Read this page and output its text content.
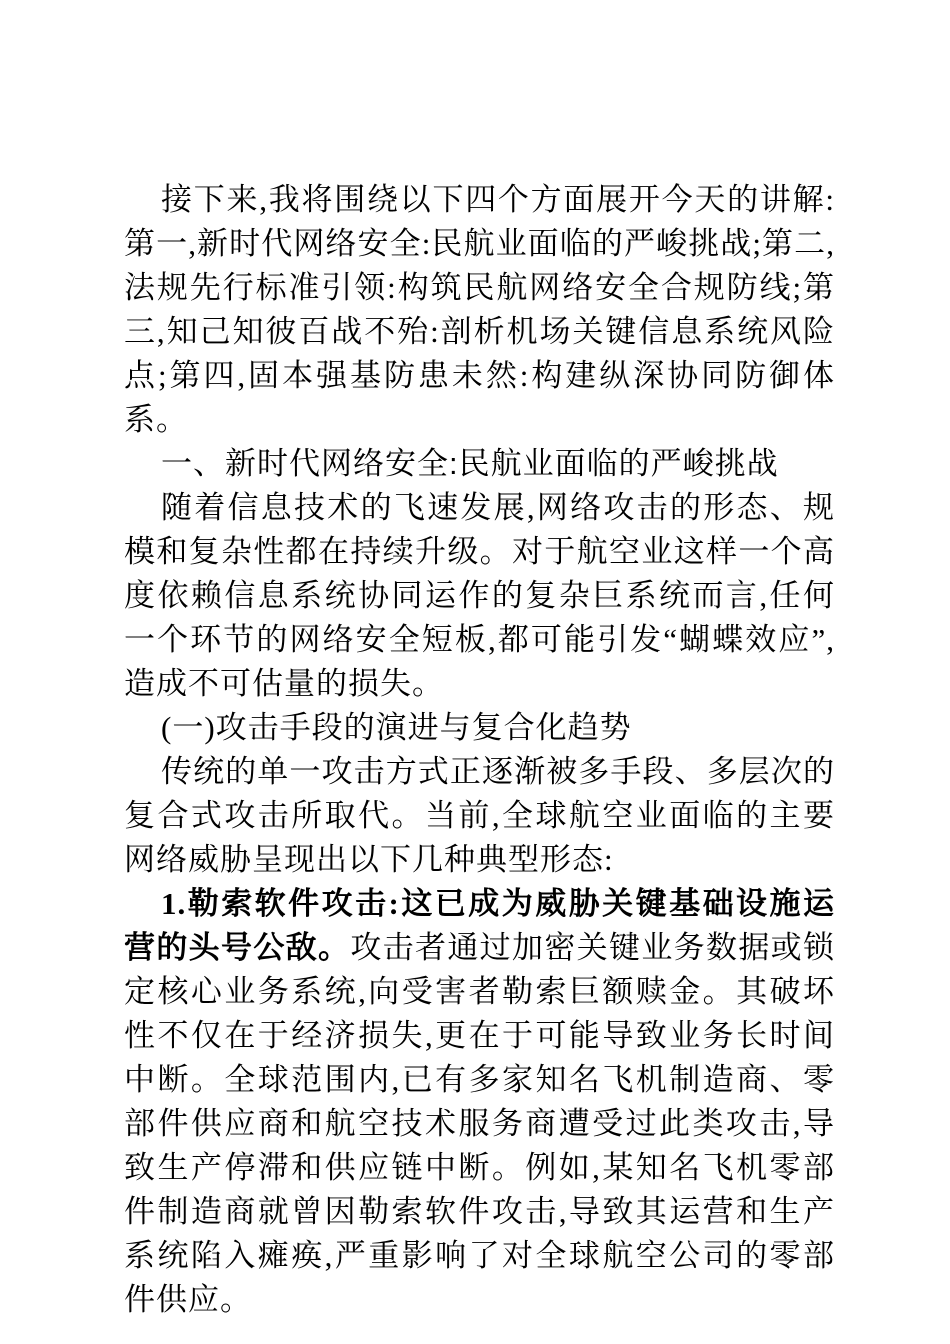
接下来,我将围绕以下四个方面展开今天的讲解:第一,新时代网络安全:民航业面临的严峻挑战;第二,法规先行标准引领:构筑民航网络安全合规防线;第三,知己知彼百战不殆:剖析机场关键信息系统风险点;第四,固本强基防患未然:构建纵深协同防御体系。

一、新时代网络安全:民航业面临的严峻挑战

随着信息技术的飞速发展,网络攻击的形态、规模和复杂性都在持续升级。对于航空业这样一个高度依赖信息系统协同运作的复杂巨系统而言,任何一个环节的网络安全短板,都可能引发“蝴蝶效应”,造成不可估量的损失。

(一)攻击手段的演进与复合化趋势

传统的单一攻击方式正逐渐被多手段、多层次的复合式攻击所取代。当前,全球航空业面临的主要网络威胁呈现出以下几种典型形态:

1.勒索软件攻击:这已成为威胁关键基础设施运营的头号公敌。攻击者通过加密关键业务数据或锁定核心业务系统,向受害者勒索巨额赎金。其破坏性不仅在于经济损失,更在于可能导致业务长时间中断。全球范围内,已有多家知名飞机制造商、零部件供应商和航空技术服务商遭受过此类攻击,导致生产停滞和供应链中断。例如,某知名飞机零部件制造商就曾因勒索软件攻击,导致其运营和生产系统陷入瘫痪,严重影响了对全球航空公司的零部件供应。
